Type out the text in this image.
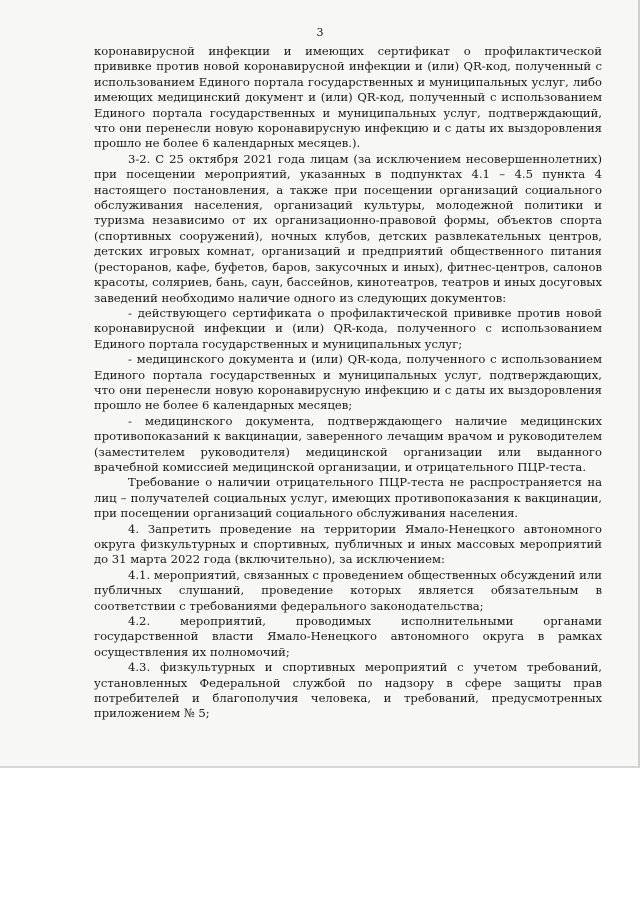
3

коронавирусной инфекции и имеющих сертификат о профилактической прививке против новой коронавирусной инфекции и (или) QR-код, полученный с использованием Единого портала государственных и муниципальных услуг, либо имеющих медицинский документ и (или) QR-код, полученный с использованием Единого портала государственных и муниципальных услуг, подтверждающий, что они перенесли новую коронавирусную инфекцию и с даты их выздоровления прошло не более 6 календарных месяцев.).

3-2. С 25 октября 2021 года лицам (за исключением несовершеннолетних) при посещении мероприятий, указанных в подпунктах 4.1 – 4.5 пункта 4 настоящего постановления, а также при посещении организаций социального обслуживания населения, организаций культуры, молодежной политики и туризма независимо от их организационно-правовой формы, объектов спорта (спортивных сооружений), ночных клубов, детских развлекательных центров, детских игровых комнат, организаций и предприятий общественного питания (ресторанов, кафе, буфетов, баров, закусочных и иных), фитнес-центров, салонов красоты, соляриев, бань, саун, бассейнов, кинотеатров, театров и иных досуговых заведений необходимо наличие одного из следующих документов:

- действующего сертификата о профилактической прививке против новой коронавирусной инфекции и (или) QR-кода, полученного с использованием Единого портала государственных и муниципальных услуг;

- медицинского документа и (или) QR-кода, полученного с использованием Единого портала государственных и муниципальных услуг, подтверждающих, что они перенесли новую коронавирусную инфекцию и с даты их выздоровления прошло не более 6 календарных месяцев;

- медицинского документа, подтверждающего наличие медицинских противопоказаний к вакцинации, заверенного лечащим врачом и руководителем (заместителем руководителя) медицинской организации или выданного врачебной комиссией медицинской организации, и отрицательного ПЦР-теста.

Требование о наличии отрицательного ПЦР-теста не распространяется на лиц – получателей социальных услуг, имеющих противопоказания к вакцинации, при посещении организаций социального обслуживания населения.

4. Запретить проведение на территории Ямало-Ненецкого автономного округа физкультурных и спортивных, публичных и иных массовых мероприятий до 31 марта 2022 года (включительно), за исключением:

4.1. мероприятий, связанных с проведением общественных обсуждений или публичных слушаний, проведение которых является обязательным в соответствии с требованиями федерального законодательства;

4.2. мероприятий, проводимых исполнительными органами государственной власти Ямало-Ненецкого автономного округа в рамках осуществления их полномочий;

4.3. физкультурных и спортивных мероприятий с учетом требований, установленных Федеральной службой по надзору в сфере защиты прав потребителей и благополучия человека, и требований, предусмотренных приложением № 5;
